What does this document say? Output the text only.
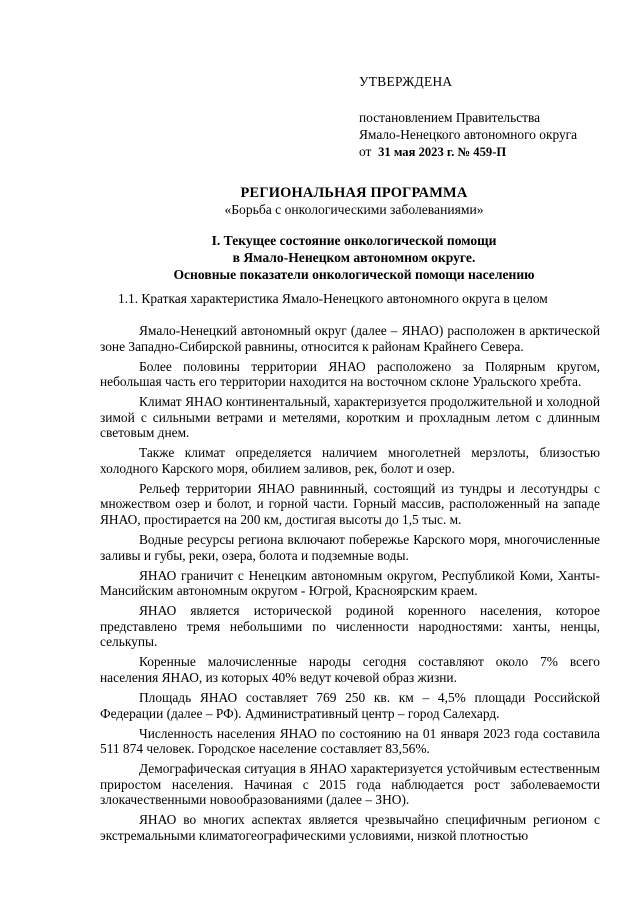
УТВЕРЖДЕНА
постановлением Правительства
Ямало-Ненецкого автономного округа
от 31 мая 2023 г. № 459-П
РЕГИОНАЛЬНАЯ ПРОГРАММА
«Борьба с онкологическими заболеваниями»
I. Текущее состояние онкологической помощи
в Ямало-Ненецком автономном округе.
Основные показатели онкологической помощи населению
1.1. Краткая характеристика Ямало-Ненецкого автономного округа в целом

Ямало-Ненецкий автономный округ (далее – ЯНАО) расположен в арктической зоне Западно-Сибирской равнины, относится к районам Крайнего Севера.

Более половины территории ЯНАО расположено за Полярным кругом, небольшая часть его территории находится на восточном склоне Уральского хребта.

Климат ЯНАО континентальный, характеризуется продолжительной и холодной зимой с сильными ветрами и метелями, коротким и прохладным летом с длинным световым днем.

Также климат определяется наличием многолетней мерзлоты, близостью холодного Карского моря, обилием заливов, рек, болот и озер.

Рельеф территории ЯНАО равнинный, состоящий из тундры и лесотундры с множеством озер и болот, и горной части. Горный массив, расположенный на западе ЯНАО, простирается на 200 км, достигая высоты до 1,5 тыс. м.

Водные ресурсы региона включают побережье Карского моря, многочисленные заливы и губы, реки, озера, болота и подземные воды.

ЯНАО граничит с Ненецким автономным округом, Республикой Коми, Ханты-Мансийским автономным округом - Югрой, Красноярским краем.

ЯНАО является исторической родиной коренного населения, которое представлено тремя небольшими по численности народностями: ханты, ненцы, селькупы.

Коренные малочисленные народы сегодня составляют около 7% всего населения ЯНАО, из которых 40% ведут кочевой образ жизни.

Площадь ЯНАО составляет 769 250 кв. км – 4,5% площади Российской Федерации (далее – РФ). Административный центр – город Салехард.

Численность населения ЯНАО по состоянию на 01 января 2023 года составила 511 874 человек. Городское население составляет 83,56%.

Демографическая ситуация в ЯНАО характеризуется устойчивым естественным приростом населения. Начиная с 2015 года наблюдается рост заболеваемости злокачественными новообразованиями (далее – ЗНО).

ЯНАО во многих аспектах является чрезвычайно специфичным регионом с экстремальными климатогеографическими условиями, низкой плотностью
